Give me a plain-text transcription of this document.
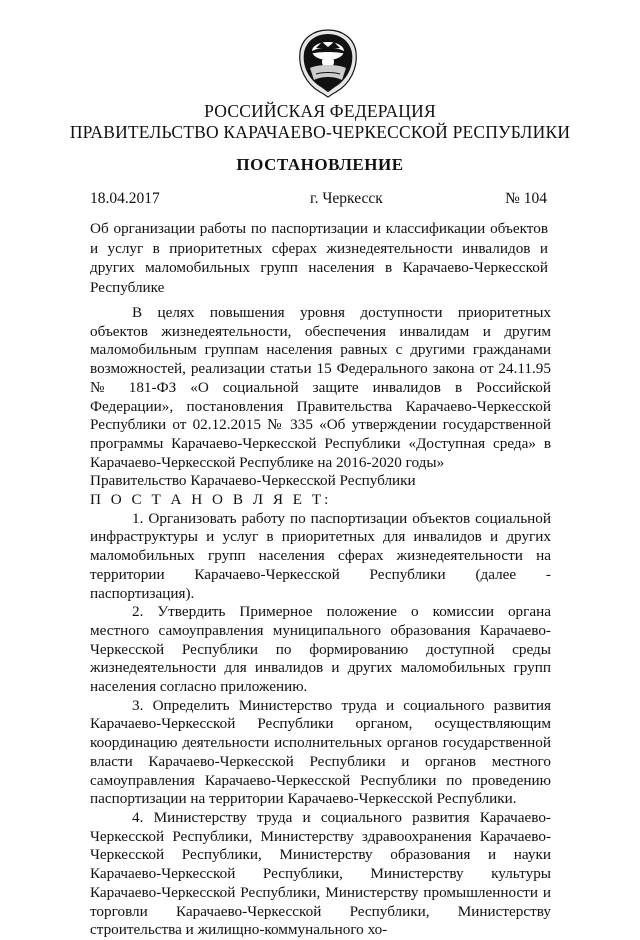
РОССИЙСКАЯ ФЕДЕРАЦИЯ
ПРАВИТЕЛЬСТВО КАРАЧАЕВО-ЧЕРКЕССКОЙ РЕСПУБЛИКИ
ПОСТАНОВЛЕНИЕ
18.04.2017	г. Черкесск	№ 104
Об организации работы по паспортизации и классификации объектов и услуг в приоритетных сферах жизнедеятельности инвалидов и других маломобильных групп населения в Карачаево-Черкесской Республике

В целях повышения уровня доступности приоритетных объектов жизнедеятельности, обеспечения инвалидам и другим маломобильным группам населения равных с другими гражданами возможностей, реализации статьи 15 Федерального закона от 24.11.95 № 181-ФЗ «О социальной защите инвалидов в Российской Федерации», постановления Правительства Карачаево-Черкесской Республики от 02.12.2015 № 335 «Об утверждении государственной программы Карачаево-Черкесской Республики «Доступная среда» в Карачаево-Черкесской Республике на 2016-2020 годы»

Правительство Карачаево-Черкесской Республики

П О С Т А Н О В Л Я Е Т:

1. Организовать работу по паспортизации объектов социальной инфраструктуры и услуг в приоритетных для инвалидов и других маломобильных групп населения сферах жизнедеятельности на территории Карачаево-Черкесской Республики (далее - паспортизация).

2. Утвердить Примерное положение о комиссии органа местного самоуправления муниципального образования Карачаево-Черкесской Республики по формированию доступной среды жизнедеятельности для инвалидов и других маломобильных групп населения согласно приложению.

3. Определить Министерство труда и социального развития Карачаево-Черкесской Республики органом, осуществляющим координацию деятельности исполнительных органов государственной власти Карачаево-Черкесской Республики и органов местного самоуправления Карачаево-Черкесской Республики по проведению паспортизации на территории Карачаево-Черкесской Республики.

4. Министерству труда и социального развития Карачаево-Черкесской Республики, Министерству здравоохранения Карачаево-Черкесской Республики, Министерству образования и науки Карачаево-Черкесской Республики, Министерству культуры Карачаево-Черкесской Республики, Министерству промышленности и торговли Карачаево-Черкесской Республики, Министерству строительства и жилищно-коммунального хо-
